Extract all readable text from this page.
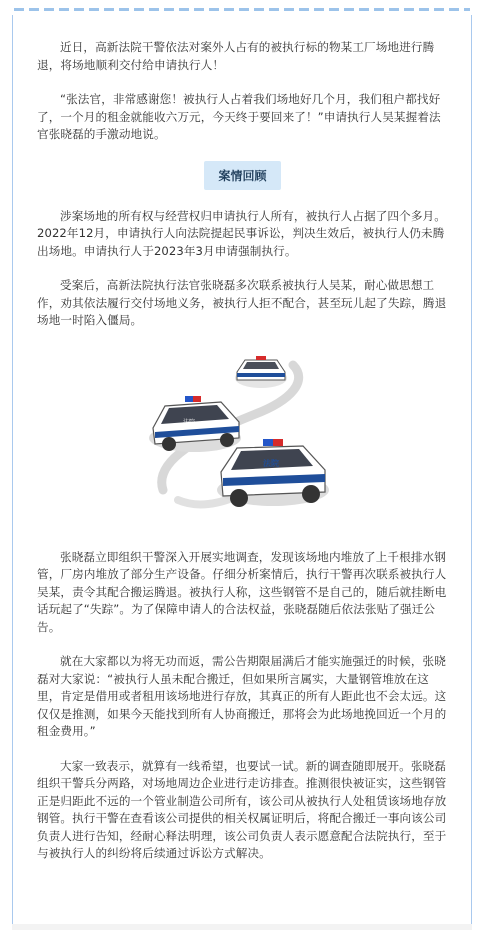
近日，高新法院干警依法对案外人占有的被执行标的物某工厂场地进行腾退，将场地顺利交付给申请执行人！

“张法官，非常感谢您！被执行人占着我们场地好几个月，我们租户都找好了，一个月的租金就能收六万元，今天终于要回来了！”申请执行人吴某握着法官张晓磊的手激动地说。

案情回顾

涉案场地的所有权与经营权归申请执行人所有，被执行人占据了四个多月。2022年12月，申请执行人向法院提起民事诉讼，判决生效后，被执行人仍未腾出场地。申请执行人于2023年3月申请强制执行。

受案后，高新法院执行法官张晓磊多次联系被执行人吴某，耐心做思想工作，劝其依法履行交付场地义务，被执行人拒不配合，甚至玩儿起了失踪，腾退场地一时陷入僵局。

法院
法院

张晓磊立即组织干警深入开展实地调查，发现该场地内堆放了上千根排水钢管，厂房内堆放了部分生产设备。仔细分析案情后，执行干警再次联系被执行人吴某，责令其配合搬运腾退。被执行人称，这些钢管不是自己的，随后就挂断电话玩起了“失踪”。为了保障申请人的合法权益，张晓磊随后依法张贴了强迁公告。

就在大家都以为将无功而返，需公告期限届满后才能实施强迁的时候，张晓磊对大家说：“被执行人虽未配合搬迁，但如果所言属实，大量钢管堆放在这里，肯定是借用或者租用该场地进行存放，其真正的所有人距此也不会太远。这仅仅是推测，如果今天能找到所有人协商搬迁，那将会为此场地挽回近一个月的租金费用。”

大家一致表示，就算有一线希望，也要试一试。新的调查随即展开。张晓磊组织干警兵分两路，对场地周边企业进行走访排查。推测很快被证实，这些钢管正是归距此不远的一个管业制造公司所有，该公司从被执行人处租赁该场地存放钢管。执行干警在查看该公司提供的相关权属证明后，将配合搬迁一事向该公司负责人进行告知，经耐心释法明理，该公司负责人表示愿意配合法院执行，至于与被执行人的纠纷将后续通过诉讼方式解决。
